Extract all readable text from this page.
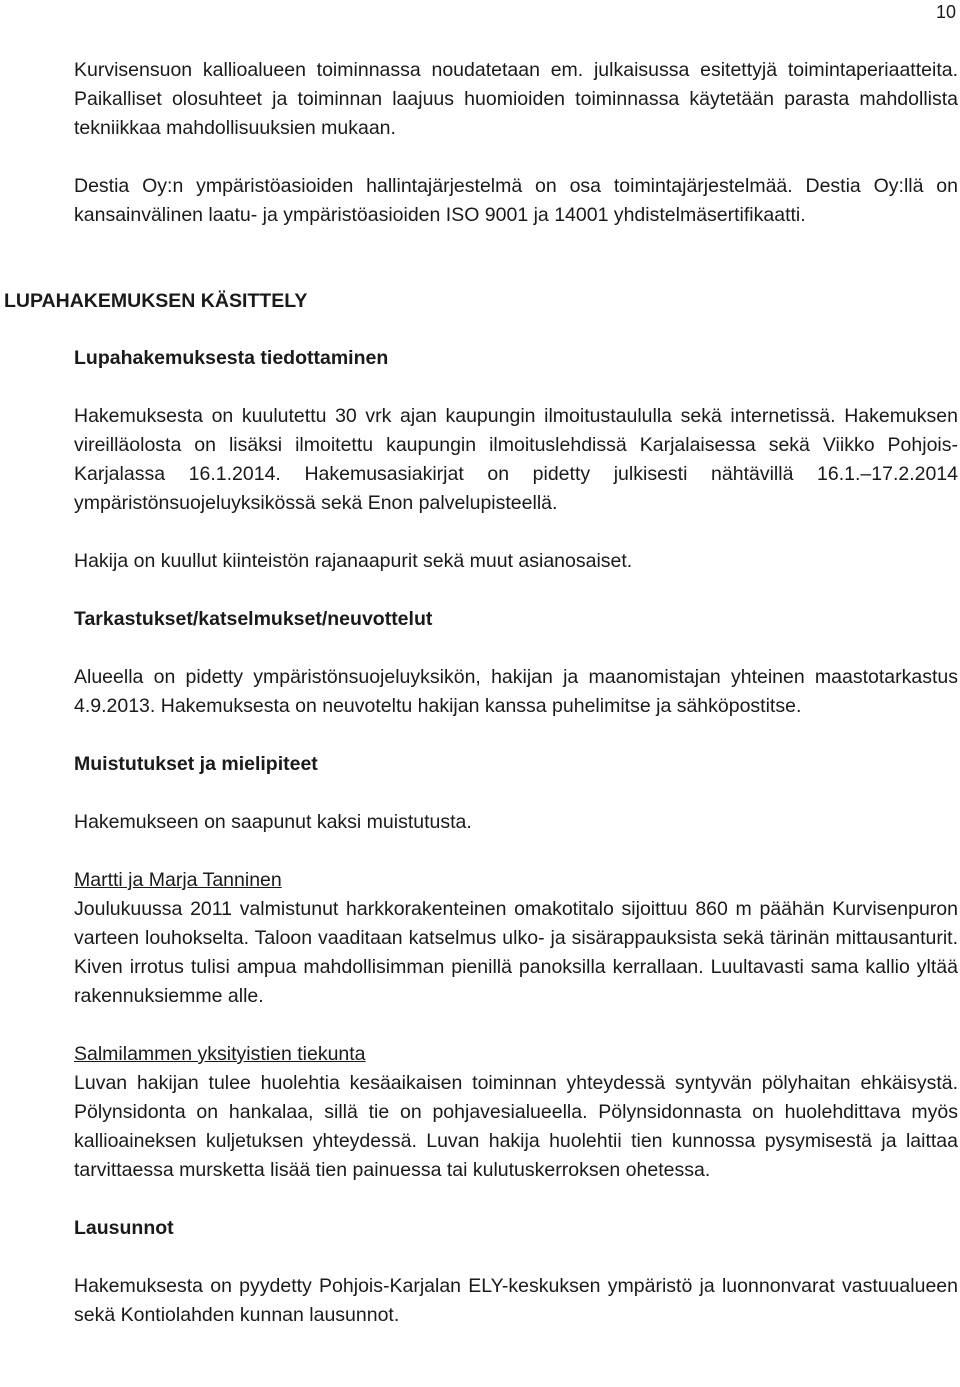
10

Kurvisensuon kallioalueen toiminnassa noudatetaan em. julkaisussa esitettyjä toimintaperiaatteita. Paikalliset olosuhteet ja toiminnan laajuus huomioiden toiminnassa käytetään parasta mahdollista tekniikkaa mahdollisuuksien mukaan.

Destia Oy:n ympäristöasioiden hallintajärjestelmä on osa toimintajärjestelmää. Destia Oy:llä on kansainvälinen laatu- ja ympäristöasioiden ISO 9001 ja 14001 yhdistelmäsertifikaatti.

LUPAHAKEMUKSEN KÄSITTELY

Lupahakemuksesta tiedottaminen

Hakemuksesta on kuulutettu 30 vrk ajan kaupungin ilmoitustaululla sekä internetissä. Hakemuksen vireilläolosta on lisäksi ilmoitettu kaupungin ilmoituslehdissä Karjalaisessa sekä Viikko Pohjois-Karjalassa 16.1.2014. Hakemusasiakirjat on pidetty julkisesti nähtävillä 16.1.–17.2.2014 ympäristönsuojeluyksikössä sekä Enon palvelupisteellä.

Hakija on kuullut kiinteistön rajanaapurit sekä muut asianosaiset.

Tarkastukset/katselmukset/neuvottelut

Alueella on pidetty ympäristönsuojeluyksikön, hakijan ja maanomistajan yhteinen maastotarkastus 4.9.2013. Hakemuksesta on neuvoteltu hakijan kanssa puhelimitse ja sähköpostitse.

Muistutukset ja mielipiteet

Hakemukseen on saapunut kaksi muistutusta.

Martti ja Marja Tanninen

Joulukuussa 2011 valmistunut harkkorakenteinen omakotitalo sijoittuu 860 m päähän Kurvisenpuron varteen louhokselta. Taloon vaaditaan katselmus ulko- ja sisärappauksista sekä tärinän mittausanturit. Kiven irrotus tulisi ampua mahdollisimman pienillä panoksilla kerrallaan. Luultavasti sama kallio yltää rakennuksiemme alle.

Salmilammen yksityistien tiekunta

Luvan hakijan tulee huolehtia kesäaikaisen toiminnan yhteydessä syntyvän pölyhaitan ehkäisystä. Pölynsidonta on hankalaa, sillä tie on pohjavesialueella. Pölynsidonnasta on huolehdittava myös kallioaineksen kuljetuksen yhteydessä. Luvan hakija huolehtii tien kunnossa pysymisestä ja laittaa tarvittaessa mursketta lisää tien painuessa tai kulutuskerroksen ohetessa.

Lausunnot

Hakemuksesta on pyydetty Pohjois-Karjalan ELY-keskuksen ympäristö ja luonnonvarat vastuualueen sekä Kontiolahden kunnan lausunnot.
